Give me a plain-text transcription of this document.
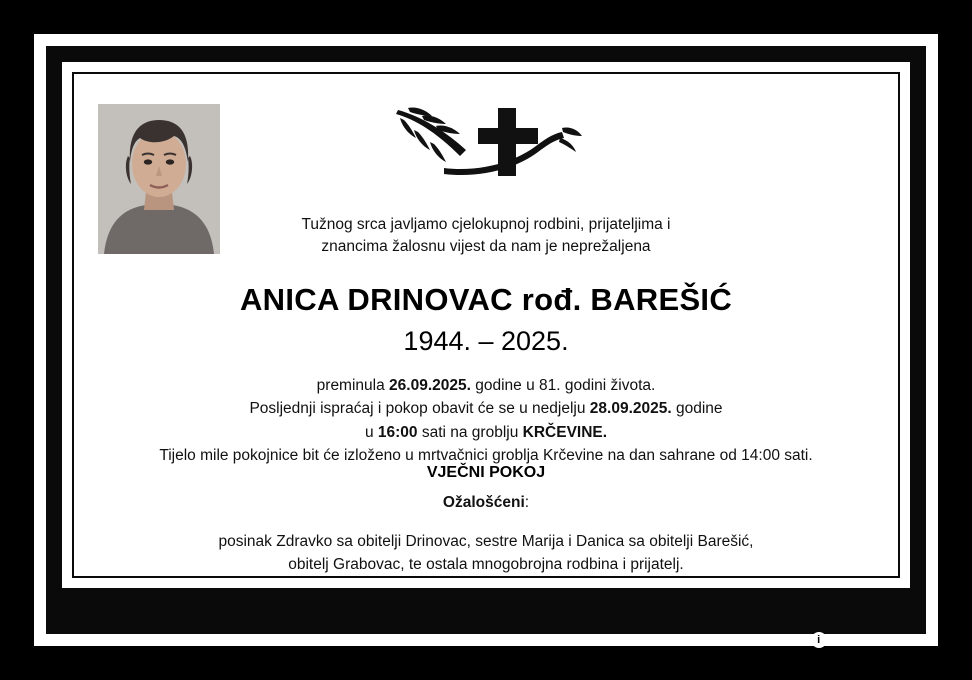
Tužnog srca javljamo cjelokupnoj rodbini, prijateljima i
znancima žalosnu vijest da nam je neprežaljena
ANICA DRINOVAC rođ. BAREŠIĆ
1944. – 2025.
preminula 26.09.2025. godine u 81. godini života.
Posljednji ispraćaj i pokop obavit će se u nedjelju 28.09.2025. godine
u 16:00 sati na groblju KRČEVINE.
Tijelo mile pokojnice bit će izloženo u mrtvačnici groblja Krčevine na dan sahrane od 14:00 sati.
VJEČNI POKOJ
Ožalošćeni:
posinak Zdravko sa obitelji Drinovac, sestre Marija i Danica sa obitelji Barešić,
obitelj Grabovac, te ostala mnogobrojna rodbina i prijatelj.
i smrtnice KSB
